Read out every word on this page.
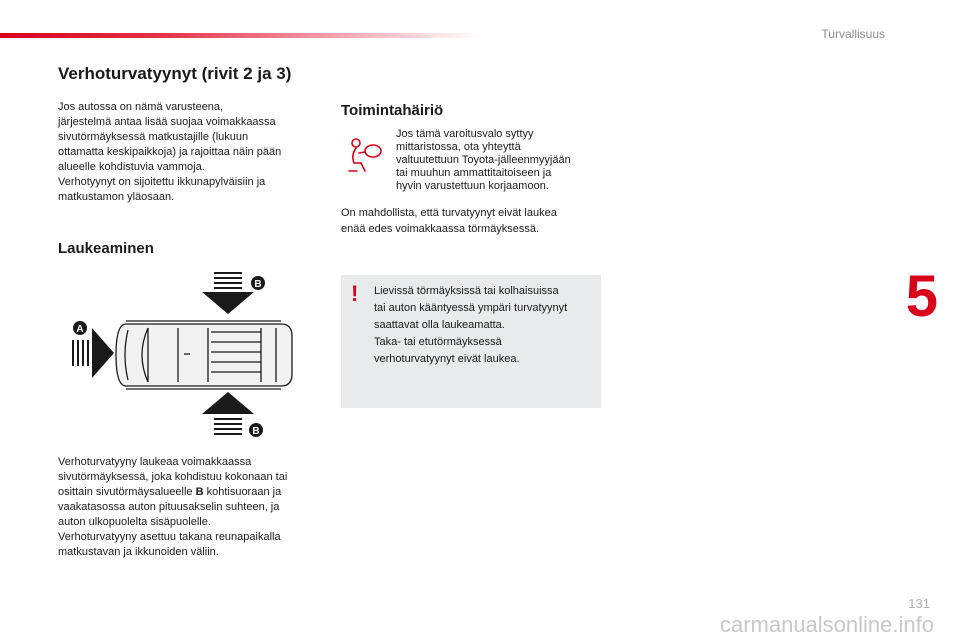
Turvallisuus
Verhoturvatyynyt (rivit 2 ja 3)

Jos autossa on nämä varusteena,

järjestelmä antaa lisää suojaa voimakkaassa

sivutörmäyksessä matkustajille (lukuun

ottamatta keskipaikkoja) ja rajoittaa näin pään

alueelle kohdistuvia vammoja.

Verhotyynyt on sijoitettu ikkunapylväisiin ja

matkustamon yläosaan.

Laukeaminen
B
A
B

Verhoturvatyyny laukeaa voimakkaassa

sivutörmäyksessä, joka kohdistuu kokonaan tai

osittain sivutörmäysalueelle B kohtisuoraan ja

vaakatasossa auton pituusakselin suhteen, ja

auton ulkopuolelta sisäpuolelle.

Verhoturvatyyny asettuu takana reunapaikalla

matkustavan ja ikkunoiden väliin.

Toimintahäiriö

Jos tämä varoitusvalo syttyy

mittaristossa, ota yhteyttä

valtuutettuun Toyota-jälleenmyyjään

tai muuhun ammattitaitoiseen ja

hyvin varustettuun korjaamoon.

On mahdollista, että turvatyynyt eivät laukea

enää edes voimakkaassa törmäyksessä.

! Lievissä törmäyksissä tai kolhaisuissa

tai auton kääntyessä ympäri turvatyynyt

saattavat olla laukeamatta.

Taka- tai etutörmäyksessä

verhoturvatyynyt eivät laukea.

5
131
carmanualsonline.info
